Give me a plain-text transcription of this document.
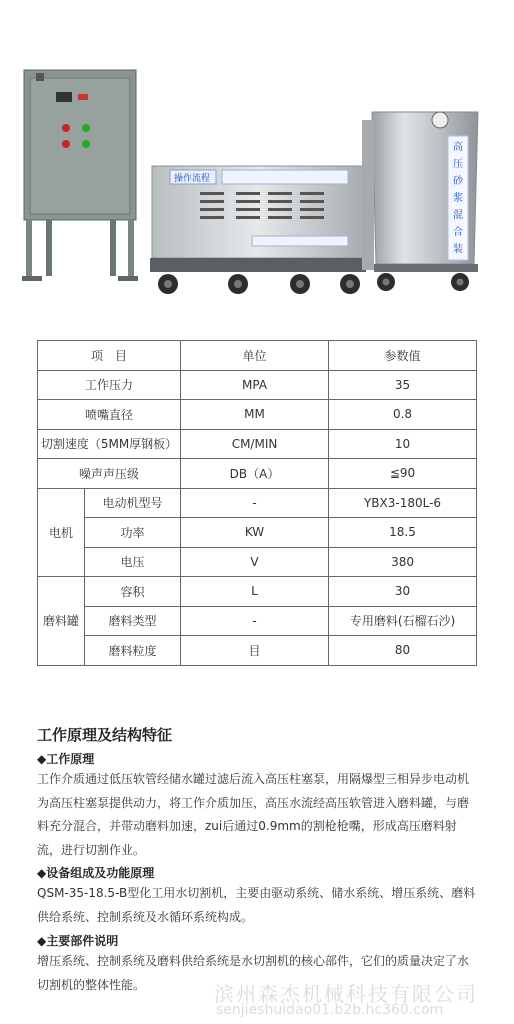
操作流程
高压 砂浆 混合 装
项　目		单位	参数值
工作压力		MPA	35
喷嘴直径		MM	0.8
切割速度（5MM厚钢板）		CM/MIN	10
噪声声压级		DB（A）	≦90
电机	电动机型号	-	YBX3-180L-6
	功率	KW	18.5
	电压	V	380
磨料罐	容积	L	30
	磨料类型	-	专用磨料(石榴石沙)
	磨料粒度	目	80
工作原理及结构特征
◆工作原理
工作介质通过低压软管经储水罐过滤后流入高压柱塞泵，用隔爆型三相异步电动机为高压柱塞泵提供动力，将工作介质加压，高压水流经高压软管进入磨料罐，与磨料充分混合，并带动磨料加速，zui后通过0.9mm的割枪枪嘴，形成高压磨料射流，进行切割作业。
◆设备组成及功能原理
QSM-35-18.5-B型化工用水切割机，主要由驱动系统、储水系统、增压系统、磨料供给系统、控制系统及水循环系统构成。
◆主要部件说明
增压系统、控制系统及磨料供给系统是水切割机的核心部件，它们的质量决定了水切割机的整体性能。	滨州森杰机械科技有限公司
senjieshuidao01.b2b.hc360.com
